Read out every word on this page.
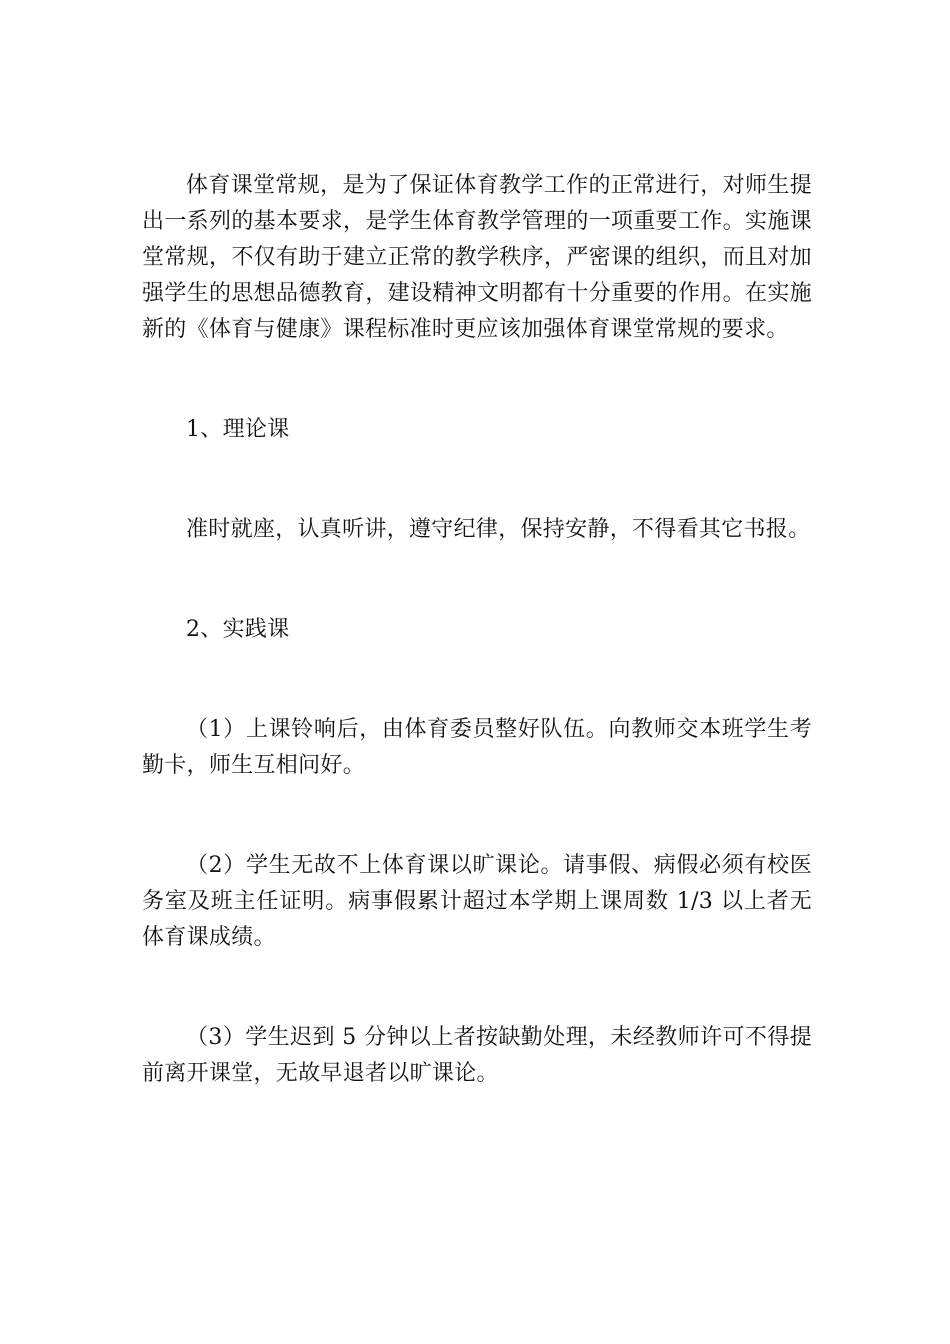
体育课堂常规，是为了保证体育教学工作的正常进行，对师生提出一系列的基本要求，是学生体育教学管理的一项重要工作。实施课堂常规，不仅有助于建立正常的教学秩序，严密课的组织，而且对加强学生的思想品德教育，建设精神文明都有十分重要的作用。在实施新的《体育与健康》课程标准时更应该加强体育课堂常规的要求。

1、理论课

准时就座，认真听讲，遵守纪律，保持安静，不得看其它书报。

2、实践课

（1）上课铃响后，由体育委员整好队伍。向教师交本班学生考勤卡，师生互相问好。

（2）学生无故不上体育课以旷课论。请事假、病假必须有校医务室及班主任证明。病事假累计超过本学期上课周数 1/3 以上者无体育课成绩。

（3）学生迟到 5 分钟以上者按缺勤处理，未经教师许可不得提前离开课堂，无故早退者以旷课论。
